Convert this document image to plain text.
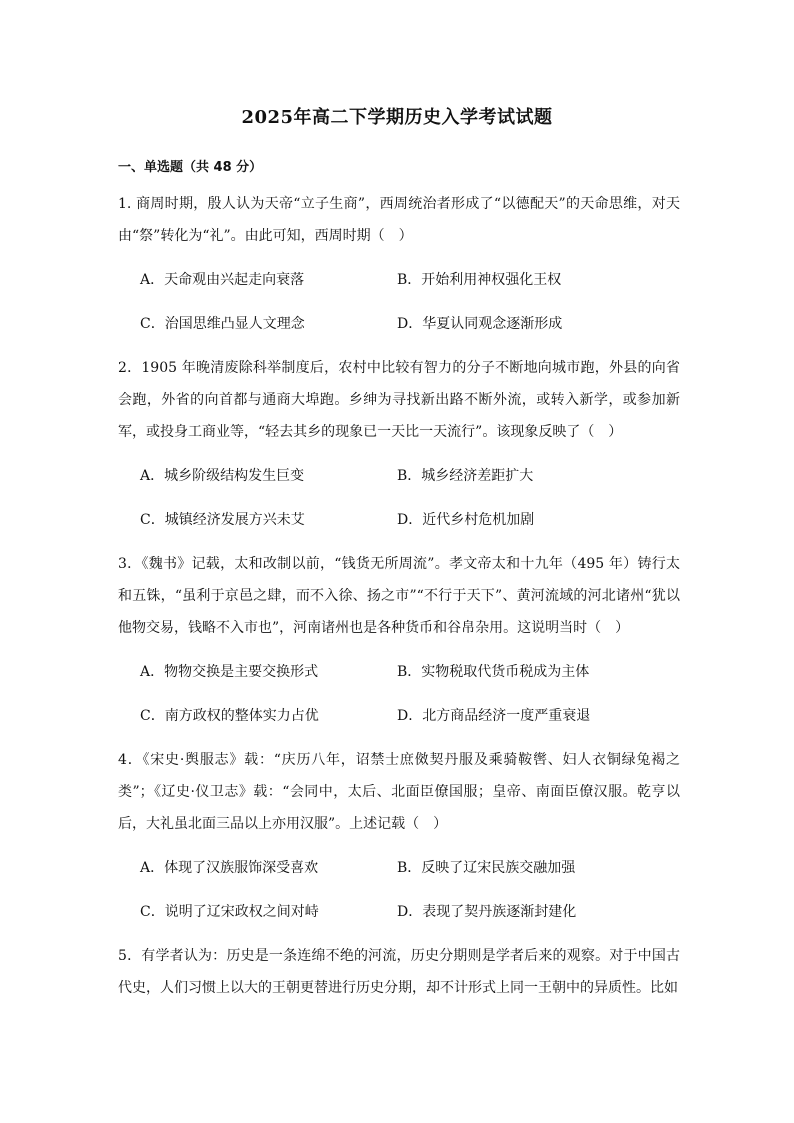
2025年高二下学期历史入学考试试题
一、单选题（共 48 分）
1. 商周时期，殷人认为天帝“立子生商”，西周统治者形成了“以德配天”的天命思维，对天由“祭”转化为“礼”。由此可知，西周时期（　）
A．天命观由兴起走向衰落	B．开始利用神权强化王权
C．治国思维凸显人文理念	D．华夏认同观念逐渐形成
2．1905 年晚清废除科举制度后，农村中比较有智力的分子不断地向城市跑，外县的向省会跑，外省的向首都与通商大埠跑。乡绅为寻找新出路不断外流，或转入新学，或参加新军，或投身工商业等，“轻去其乡的现象已一天比一天流行”。该现象反映了（　）
A．城乡阶级结构发生巨变	B．城乡经济差距扩大
C．城镇经济发展方兴未艾	D．近代乡村危机加剧
3．《魏书》记载，太和改制以前，“钱货无所周流”。孝文帝太和十九年（495 年）铸行太和五铢，“虽利于京邑之肆，而不入徐、扬之市”“不行于天下”、黄河流域的河北诸州“犹以他物交易，钱略不入市也”，河南诸州也是各种货币和谷帛杂用。这说明当时（　）
A．物物交换是主要交换形式	B．实物税取代货币税成为主体
C．南方政权的整体实力占优	D．北方商品经济一度严重衰退
4．《宋史·舆服志》载：“庆历八年，诏禁士庶傚契丹服及乘骑鞍辔、妇人衣铜绿兔褐之类”；《辽史·仪卫志》载：“会同中，太后、北面臣僚国服；皇帝、南面臣僚汉服。乾亨以后，大礼虽北面三品以上亦用汉服”。上述记载（　）
A．体现了汉族服饰深受喜欢	B．反映了辽宋民族交融加强
C．说明了辽宋政权之间对峙	D．表现了契丹族逐渐封建化
5．有学者认为：历史是一条连绵不绝的河流，历史分期则是学者后来的观察。对于中国古代史，人们习惯上以大的王朝更替进行历史分期，却不计形式上同一王朝中的异质性。比如
